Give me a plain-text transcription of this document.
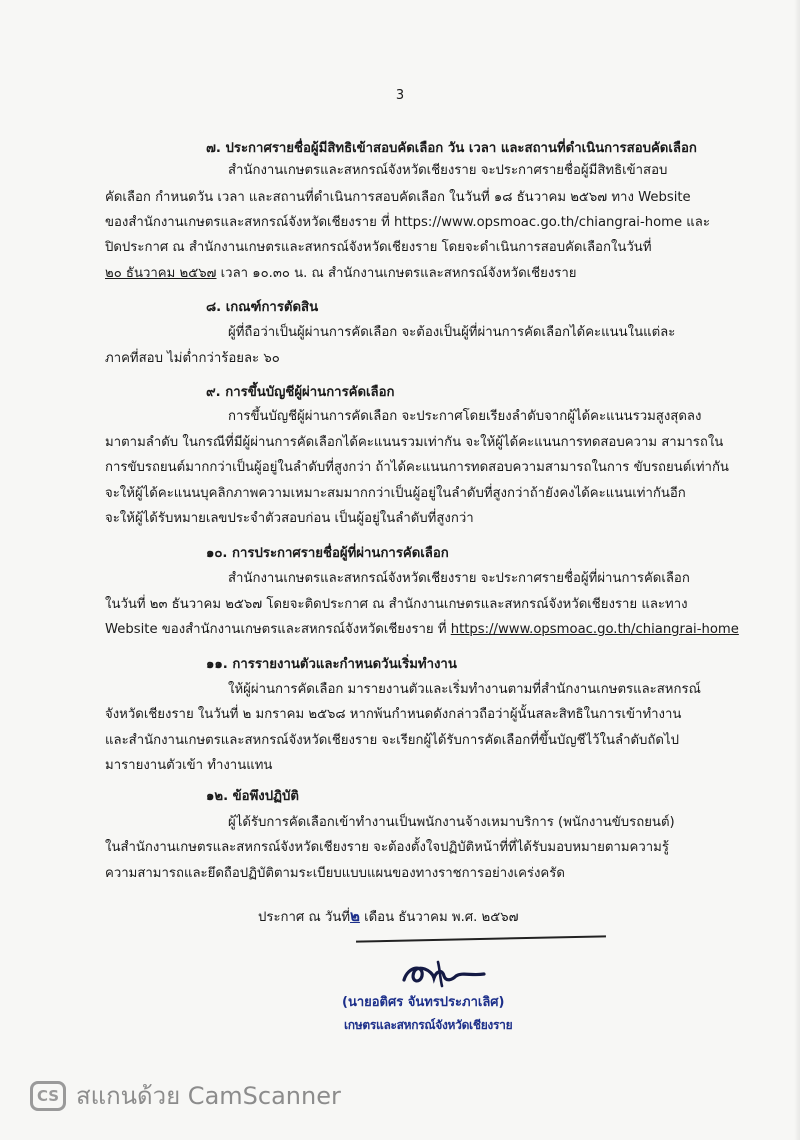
3
๗. ประกาศรายชื่อผู้มีสิทธิเข้าสอบคัดเลือก วัน เวลา และสถานที่ดำเนินการสอบคัดเลือก
สำนักงานเกษตรและสหกรณ์จังหวัดเชียงราย จะประกาศรายชื่อผู้มีสิทธิเข้าสอบ
คัดเลือก กำหนดวัน เวลา และสถานที่ดำเนินการสอบคัดเลือก ในวันที่ ๑๘ ธันวาคม ๒๕๖๗ ทาง Website
ของสำนักงานเกษตรและสหกรณ์จังหวัดเชียงราย ที่ https://www.opsmoac.go.th/chiangrai-home และ
ปิดประกาศ ณ สำนักงานเกษตรและสหกรณ์จังหวัดเชียงราย โดยจะดำเนินการสอบคัดเลือกในวันที่
๒๐ ธันวาคม ๒๕๖๗ เวลา ๑๐.๓๐ น. ณ สำนักงานเกษตรและสหกรณ์จังหวัดเชียงราย
๘. เกณฑ์การตัดสิน
ผู้ที่ถือว่าเป็นผู้ผ่านการคัดเลือก จะต้องเป็นผู้ที่ผ่านการคัดเลือกได้คะแนนในแต่ละ
ภาคที่สอบ ไม่ต่ำกว่าร้อยละ ๖๐
๙. การขึ้นบัญชีผู้ผ่านการคัดเลือก
การขึ้นบัญชีผู้ผ่านการคัดเลือก จะประกาศโดยเรียงลำดับจากผู้ได้คะแนนรวมสูงสุดลง
มาตามลำดับ ในกรณีที่มีผู้ผ่านการคัดเลือกได้คะแนนรวมเท่ากัน จะให้ผู้ได้คะแนนการทดสอบความ สามารถใน
การขับรถยนต์มากกว่าเป็นผู้อยู่ในลำดับที่สูงกว่า ถ้าได้คะแนนการทดสอบความสามารถในการ ขับรถยนต์เท่ากัน
จะให้ผู้ได้คะแนนบุคลิกภาพความเหมาะสมมากกว่าเป็นผู้อยู่ในลำดับที่สูงกว่าถ้ายังคงได้คะแนนเท่ากันอีก
จะให้ผู้ได้รับหมายเลขประจำตัวสอบก่อน เป็นผู้อยู่ในลำดับที่สูงกว่า
๑๐. การประกาศรายชื่อผู้ที่ผ่านการคัดเลือก
สำนักงานเกษตรและสหกรณ์จังหวัดเชียงราย จะประกาศรายชื่อผู้ที่ผ่านการคัดเลือก
ในวันที่ ๒๓ ธันวาคม ๒๕๖๗ โดยจะติดประกาศ ณ สำนักงานเกษตรและสหกรณ์จังหวัดเชียงราย และทาง
Website ของสำนักงานเกษตรและสหกรณ์จังหวัดเชียงราย ที่ https://www.opsmoac.go.th/chiangrai-home
๑๑. การรายงานตัวและกำหนดวันเริ่มทำงาน
ให้ผู้ผ่านการคัดเลือก มารายงานตัวและเริ่มทำงานตามที่สำนักงานเกษตรและสหกรณ์
จังหวัดเชียงราย ในวันที่ ๒ มกราคม ๒๕๖๘ หากพ้นกำหนดดังกล่าวถือว่าผู้นั้นสละสิทธิในการเข้าทำงาน
และสำนักงานเกษตรและสหกรณ์จังหวัดเชียงราย จะเรียกผู้ได้รับการคัดเลือกที่ขึ้นบัญชีไว้ในลำดับถัดไป
มารายงานตัวเข้า ทำงานแทน
๑๒. ข้อพึงปฏิบัติ
ผู้ได้รับการคัดเลือกเข้าทำงานเป็นพนักงานจ้างเหมาบริการ (พนักงานขับรถยนต์)
ในสำนักงานเกษตรและสหกรณ์จังหวัดเชียงราย จะต้องตั้งใจปฏิบัติหน้าที่ที่ได้รับมอบหมายตามความรู้
ความสามารถและยึดถือปฏิบัติตามระเบียบแบบแผนของทางราชการอย่างเคร่งครัด
ประกาศ ณ วันที่๒ เดือน ธันวาคม พ.ศ. ๒๕๖๗
(นายอติศร จันทรประภาเลิศ)
เกษตรและสหกรณ์จังหวัดเชียงราย
CS สแกนด้วย CamScanner
